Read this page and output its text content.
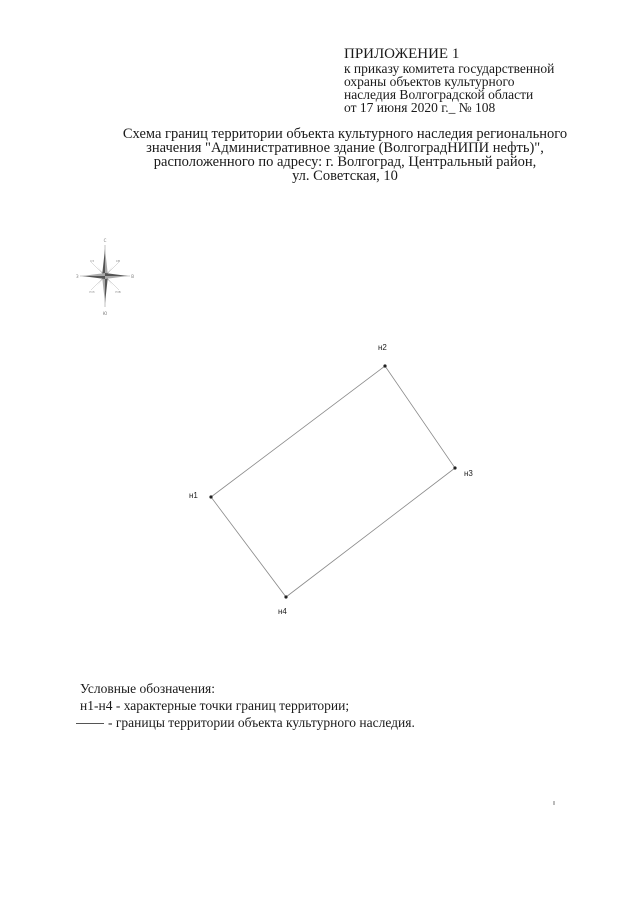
ПРИЛОЖЕНИЕ 1
к приказу комитета государственной
охраны объектов культурного
наследия Волгоградской области
от 17 июня 2020 г._ № 108
Схема границ территории объекта культурного наследия регионального
значения "Административное здание (ВолгоградНИПИ нефть)",
расположенного по адресу: г. Волгоград, Центральный район,
ул. Советская, 10
С
Ю
З	В
СЗ	СВ
ЮЗ	ЮВ
н1
н2
н3
н4
Условные обозначения:
н1-н4 - характерные точки границ территории;
- границы территории объекта культурного наследия.
